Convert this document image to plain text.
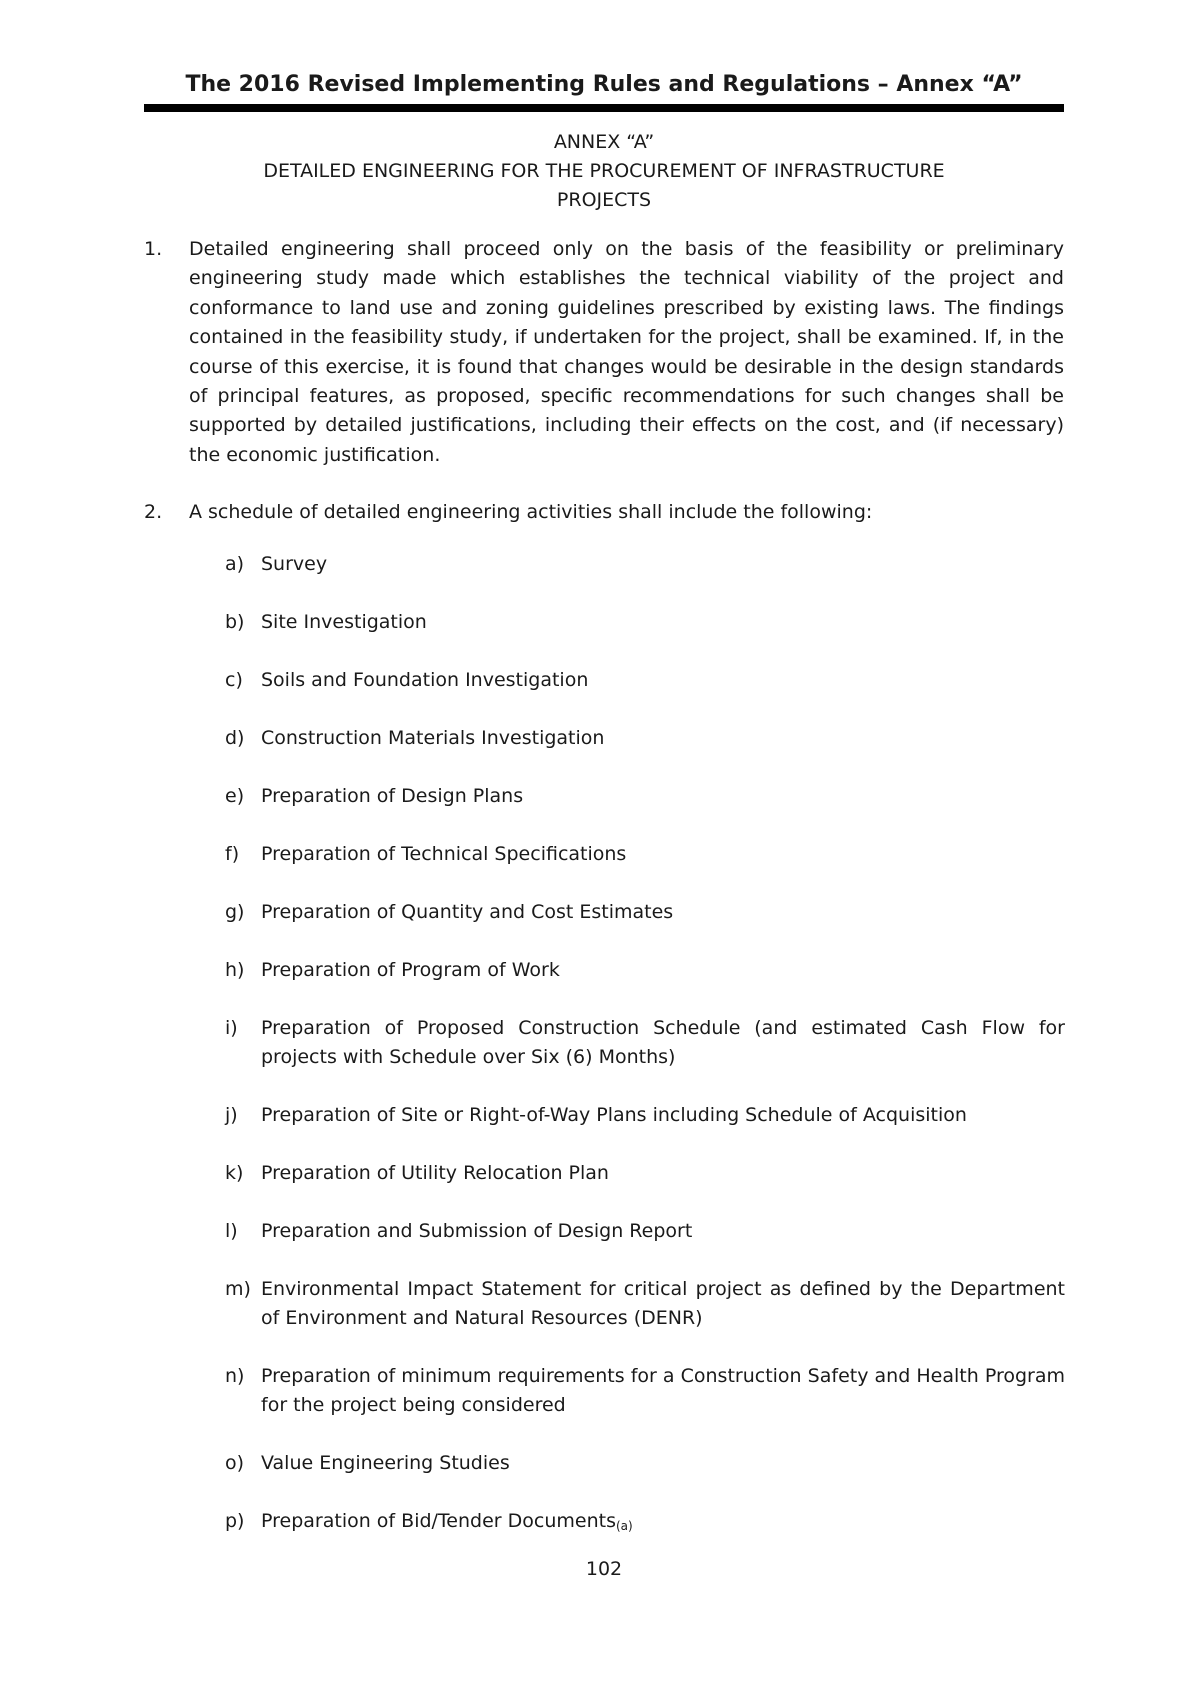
The 2016 Revised Implementing Rules and Regulations – Annex “A”
ANNEX “A”
DETAILED ENGINEERING FOR THE PROCUREMENT OF INFRASTRUCTURE
PROJECTS
1. Detailed engineering shall proceed only on the basis of the feasibility or preliminary engineering study made which establishes the technical viability of the project and conformance to land use and zoning guidelines prescribed by existing laws. The findings contained in the feasibility study, if undertaken for the project, shall be examined. If, in the course of this exercise, it is found that changes would be desirable in the design standards of principal features, as proposed, specific recommendations for such changes shall be supported by detailed justifications, including their effects on the cost, and (if necessary) the economic justification.
2. A schedule of detailed engineering activities shall include the following:
a) Survey
b) Site Investigation
c) Soils and Foundation Investigation
d) Construction Materials Investigation
e) Preparation of Design Plans
f) Preparation of Technical Specifications
g) Preparation of Quantity and Cost Estimates
h) Preparation of Program of Work
i) Preparation of Proposed Construction Schedule (and estimated Cash Flow for projects with Schedule over Six (6) Months)
j) Preparation of Site or Right-of-Way Plans including Schedule of Acquisition
k) Preparation of Utility Relocation Plan
l) Preparation and Submission of Design Report
m) Environmental Impact Statement for critical project as defined by the Department of Environment and Natural Resources (DENR)
n) Preparation of minimum requirements for a Construction Safety and Health Program for the project being considered
o) Value Engineering Studies
p) Preparation of Bid/Tender Documents$_{(a)}$
102
